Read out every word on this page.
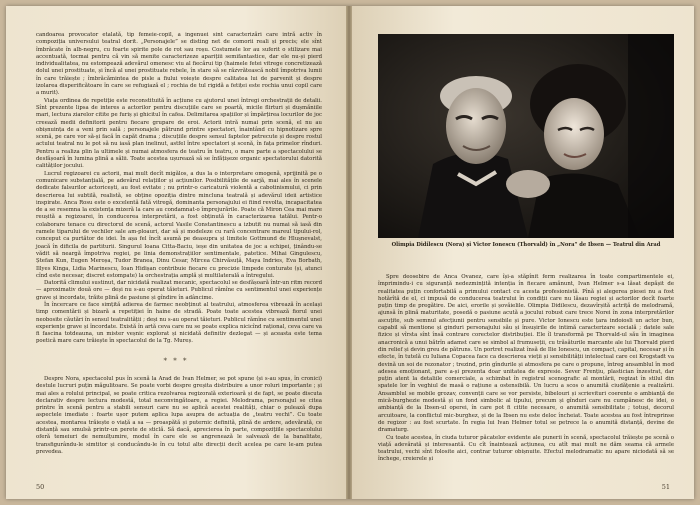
candoarea provocator etalată, tip femeie-copil, a ingenuei sint caracterizări care intră activ în compoziția universului teatral dorit. „Personajele” se disting net de comorii reali și precis; ele sînt îmbrăcate în alb-negru, cu foarte spirite pole de rot sau roșu. Costumele lor au suferit o stilizare mai accentuată, tocmai pentru că vin să menite caracterizeze aparițiii semifantastice, dar ele nu-și pierd individualitatea, nu estompează adevărul omenesc viu al fiecărui tip (haimele fetei vitrege concretizează dolul unei prostituate, și încă al unei prostituate rebele, în stare să se răzvrătească nobil împotriva lumii în care trăiește ; îmbrăcămintea de pisle a fiului voiește despre calitatea lui de parvenit și despre izolarea disperificătoare în care se refugiază el ; rochia de tul rigidă a fetiței este rochia unui copil care a murit).

Viața ordinea de repetiție este reconstituită în acțiune cu ajutorul unei întregi orchestrații de detalii. Sînt prezente lipsa de interes a actorilor pentru discuțiile care se poartă, micile flirturi și dușmăniile mari, lectura ziarelor citite pe furiș și ghicitul în cafea. Delimitarea spațiilor și împărțirea locurilor de joc creează medii definitorii pentru fiecare grupare de eroi. Actorii intră numai prin scenă, el nu au obișnuința de a veni prin sală ; personajele pătrund printre spectatori, înaintând cu hipnotizare spre scenă, pe care vor să-și facă în capăt drama ; discuțiile despre sensul faptelor petrecute și despre rostul actului teatral nu le pot să nu iasă plan inelinut, astfel între spectatori și scenă, în fața primelor rînduri. Pentru a realiza plin la ultimele și numai atmosfera de teatru în teatru, o mare parte a spectacolului se desfășoară în lumina plină a sălii. Toate acestea ușurează să se înfățișeze organic spectatorului datorită calităților jocului.

Lucrul regizoarei cu actorii, mai mult decît migălos, a dus la o interpretare omogenă, sprijinită pe o comunicare substanțială, pe adevărul relațiilor și acțiunilor. Posibilitățile de sarjă, mai ales în scenele dedicate falsurilor actoricești, au fost evitate ; nu printr-o caricatură violentă a cabotinismului, ci prin descrierea lui subtilă, realistă, se obține opoziția dintre mincluna teatrală și adevărul ideii artistice inspirate. Anca Rosu este o excelentă fată vitregă, dominanta personajului ei fiind revolta, incapacitatea de a se resemna la existența mizeră la care au condamnat-o împrejurările. Poate că Miron Cea mai mare reușită a regizoarei, în conducerea interpretării, a fost obținută în caracterizarea tatălui. Pentr-o colaborare tenace cu directorul de scenă, actorul Vasile Constantinescu a izbutit nu numai să iasă din ramele tiparului de vechiler sale am-ploauri, dar să și modeleze cu rară concentrare mareul tipului-rol, conceput ca purtător de idei. În așa fel încît asumă pe deasupra și limitele Gottmund de Hlușnevalst, joacă în dificila de partiturii. Singurul Ioana Citta-Baciu, ieșe din unitatea de joc a echipei, ținându-se vădit să neargă împotriva regiei, pe linia demonstrațiilor sentimentale, patetice. Mihai Gingulescu, Ștefan Kun, Eugen Meroșa, Tudor Branea, Dinu Cesar, Mircea Chirvăsuță, Maya Indries, Eva Borbath, Illyes Kinga, Lidia Marinescu, Ioan Hidișan contribuie fiecare cu precizie limpede conturate (și, atunci cînd este necesar, discret estompate) la orchestrația amplă și multilaterală a întregului.

Datorită climului sustinut, dar nicidată realizat mecanic, spectacolul se desfășoară într-un ritm record — aproximativ două ore — deși nu s-au operat tăieturi. Publicul rămîne cu sentimentul unei experiențe grave și incordate, trăite plină de pasiune și gîndire în adâncime.

În încercare ce face simțită adierea de farmec neobținut al teatrului, atmosferea vibrează în același timp comentării și bizară a repetiției în haine de stradă. Poate toate acestea vibrează fiorul unei neobosite căutări în sensul teatralității ; deși nu s-au operat tăieturi. Publicul rămîne cu sentimentul unei experiențe grave și încordate. Există în artă ceva care nu se poate explica nicicînd rațional, ceva care va fi fascina totdeauna, un mister veșnic explorat și nicidată definitiv dezlegat — și aceasta este tema poetică mare care trăiește în spectacolul de la Tg. Mureș.

* * *

Despre Nora, spectacolul pus în scenă la Arad de Ivan Helmer, se pot spune (și s-au spus, în cronici) destule lucruri puțin măgulitoare. Se poate vorbi despre greșita distribuire a unor roluri importante ; și mai ales a rolului principal, se poate critica rezolvarea regizorală exterioară și de fapt, se poate discuta declarativ despre lectura modestă, total neconvingătoare, a regiei. Melodrama, personajul se citea printre în scenă pentru a stabili sensuri care nu se aplică acestei realități, chiar o pulează dupa aspectele imediate : foarte ușor putem aplica lupa asupra de actuația de „teatru vechi”. Cu toate acestea, montarea trăiește o viață a sa — proaspătă și puternic definită, plină de ardere, adevărată, ce distanță sau smulsă printr-un perete de sticlă. Să dacă, aprecierea în parte, compozițiile spectacolului oferă temeiuri de nemulțumire, modul în care ele se angrenează le salvează de la banalitate, transfigurându-le simtitor și conducându-le în cu totul alte direcții decît acelea pe care le-am putea prevedea.

50
Olimpia Didilescu (Nora) și Victor Ionescu (Thorvald) în „Nora” de Ibsen — Teatrul din Arad

Spre deosebire de Anca Ovanez, care își-a stăpînit ferm realizarea în toate compartimentele ei, împrimindu-i cu siguranță nedezmințită intenția în fiecare amănunt, Ivan Helmer s-a lăsat depășit de realitatea puțin confortabilă a primului contact cu acesta profesionistă. Pînă și alegerea piesei nu a fost hotărîtă de el, ci impusă de conducerea teatrului în condiții care nu lăsau regiei și actorilor decît foarte puțin timp de pregătire. De aici, erorile și șovăielile. Olimpia Didilescu, dezavîrșită actriță de melodramă, ajunsă în plină maturitate, posedă o pasiune acută a jocului robust care trece Norei în zona interpretărilor ascuțite, sub semnul afecțiunii pentru sensibile și pure. Victor Ionescu este țara indoiosli un actor bun, capabil să mentione și ginduri personajului său și însușirile de intimă caracterizare socială ; datele sale fizice și vîrsta sînt însă contrare corectelor distribuției. Ele îl transformă pe Thorvald-ul său în imaginea anacronică a unui bătrîn adamst care se simbol al frumuseții, cu trăsăturile marcante ale lui Thorvald pierd din relief și devin greu de pătruns. Un portret realizat însă de Ilie Ionescu, un compact, capital, necesar și în efecte, în tutelă cu Iuliana Copacea face ca descrierea vieții și sensibilității intelectual care cei Krogstadt va devină un soi de rezonator ; trezind, prin gîndurile și atmosfera pe care o propune, întreg ansamblul în mod adesea emoționant, pare a-și prezenta doar unitatea de expresie. Sever Frențiu, plastician înzestrat, dar puțin atent la detaliile comerciale, a schimbat în registrul scenografic al montării, regizat în stilul din spatele lor în veghiul de masă o rațiune a ostensibilă. Un lucru a scos o anumită ciudățenie a realizării. Ansamblul se mobile grozav, convenții care se vor persiste, bibelouri și scrievituri coerente o ambianță de mică-burghezie modestă și un fond simbolic al tipului, precum și gînduri care nu cumpănesc de idei, o ambianță de la Ibsen-ul operei, în care pot fi citite necesare, o anumită sensibilitate ; totuși, decorul arcuitoare, la conflictul mic-burghez, și de la Ibsen nu este deloc încheiat. Toate acestea au fost întreprinse de regizor : au fost scurtate. În regia lui Ivan Helmer totul se petrece la o anumită distanță, devine de dramaturg.

Cu toate acestea, în ciuda tuturor păcatelor evidente ale punerii în scenă, spectacolul trăiește pe scenă o viață adevărată și interesantă. Cu cît înaintează acțiunea, cu atît mai mult ne dăm seama că armele teatrului, vechi sînt folosite aici, contrar tuturor obișnuite. Efectul melodramatic nu apare niciodată să se închege, creierele și

51
